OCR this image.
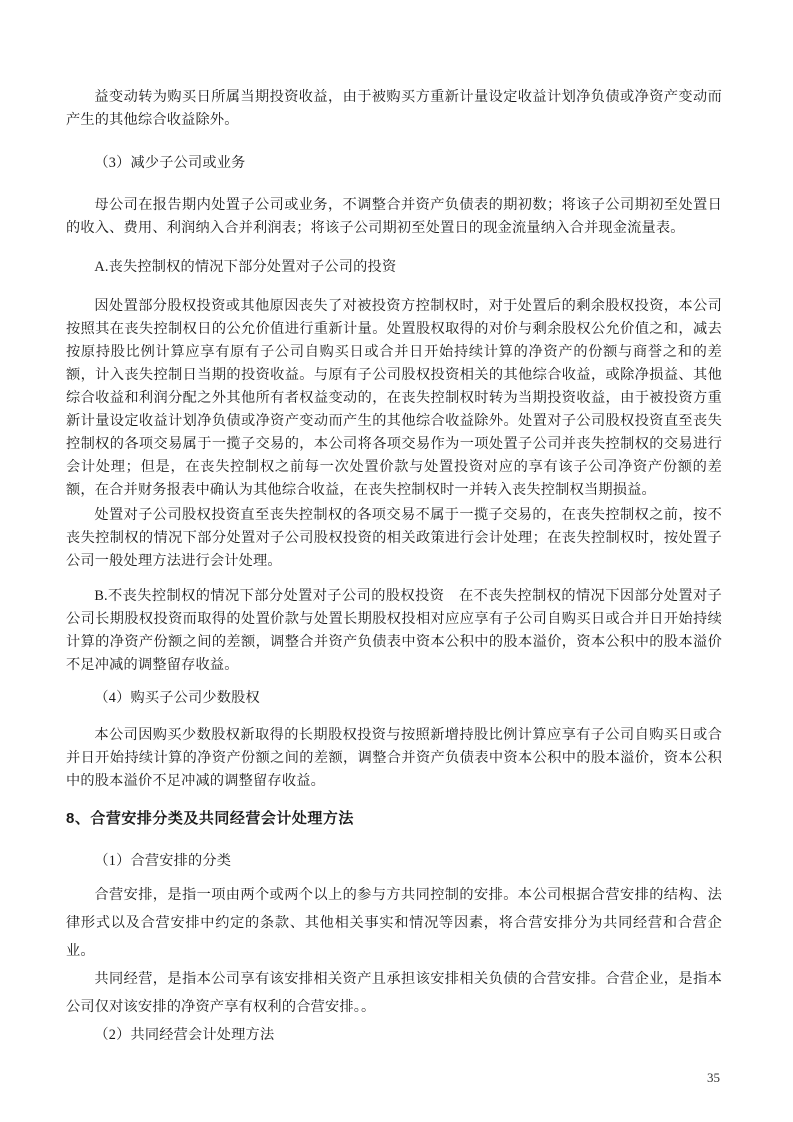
益变动转为购买日所属当期投资收益，由于被购买方重新计量设定收益计划净负债或净资产变动而产生的其他综合收益除外。

（3）减少子公司或业务

母公司在报告期内处置子公司或业务，不调整合并资产负债表的期初数；将该子公司期初至处置日的收入、费用、利润纳入合并利润表；将该子公司期初至处置日的现金流量纳入合并现金流量表。

A.丧失控制权的情况下部分处置对子公司的投资

因处置部分股权投资或其他原因丧失了对被投资方控制权时，对于处置后的剩余股权投资，本公司按照其在丧失控制权日的公允价值进行重新计量。处置股权取得的对价与剩余股权公允价值之和，减去按原持股比例计算应享有原有子公司自购买日或合并日开始持续计算的净资产的份额与商誉之和的差额，计入丧失控制日当期的投资收益。与原有子公司股权投资相关的其他综合收益，或除净损益、其他综合收益和利润分配之外其他所有者权益变动的，在丧失控制权时转为当期投资收益，由于被投资方重新计量设定收益计划净负债或净资产变动而产生的其他综合收益除外。处置对子公司股权投资直至丧失控制权的各项交易属于一揽子交易的，本公司将各项交易作为一项处置子公司并丧失控制权的交易进行会计处理；但是，在丧失控制权之前每一次处置价款与处置投资对应的享有该子公司净资产份额的差额，在合并财务报表中确认为其他综合收益，在丧失控制权时一并转入丧失控制权当期损益。

处置对子公司股权投资直至丧失控制权的各项交易不属于一揽子交易的，在丧失控制权之前，按不丧失控制权的情况下部分处置对子公司股权投资的相关政策进行会计处理；在丧失控制权时，按处置子公司一般处理方法进行会计处理。

B.不丧失控制权的情况下部分处置对子公司的股权投资　在不丧失控制权的情况下因部分处置对子公司长期股权投资而取得的处置价款与处置长期股权投相对应应享有子公司自购买日或合并日开始持续计算的净资产份额之间的差额，调整合并资产负债表中资本公积中的股本溢价，资本公积中的股本溢价不足冲减的调整留存收益。

（4）购买子公司少数股权

本公司因购买少数股权新取得的长期股权投资与按照新增持股比例计算应享有子公司自购买日或合并日开始持续计算的净资产份额之间的差额，调整合并资产负债表中资本公积中的股本溢价，资本公积中的股本溢价不足冲减的调整留存收益。

8、合营安排分类及共同经营会计处理方法

（1）合营安排的分类

合营安排，是指一项由两个或两个以上的参与方共同控制的安排。本公司根据合营安排的结构、法律形式以及合营安排中约定的条款、其他相关事实和情况等因素，将合营安排分为共同经营和合营企业。

共同经营，是指本公司享有该安排相关资产且承担该安排相关负债的合营安排。合营企业，是指本公司仅对该安排的净资产享有权利的合营安排。。

（2）共同经营会计处理方法

35
